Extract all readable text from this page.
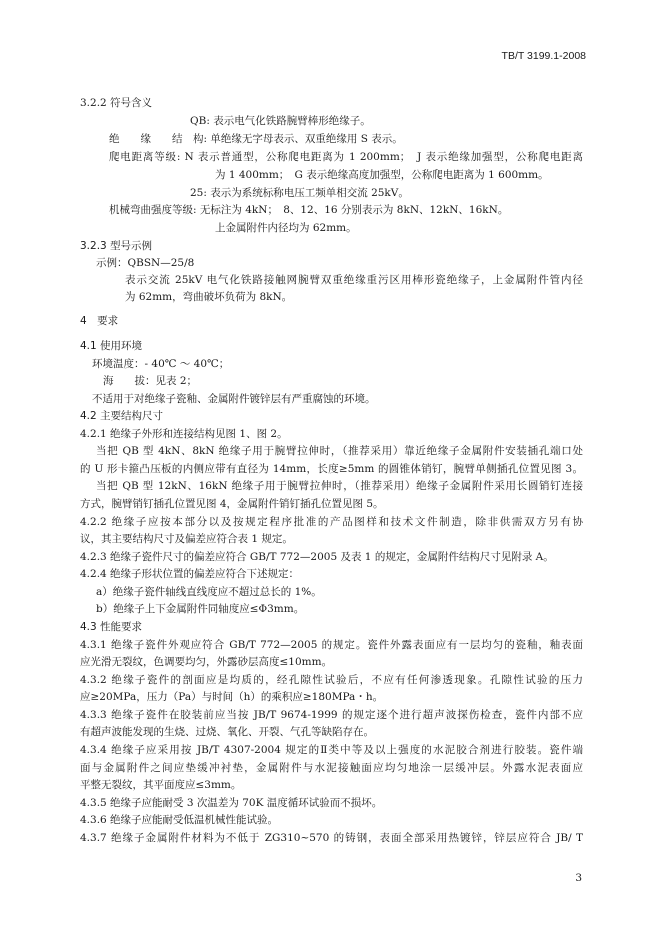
TB/T 3199.1-2008
3.2.2 符号含义
QB: 表示电气化铁路腕臂棒形绝缘子。
绝　　缘　　结　构: 单绝缘无字母表示、双重绝缘用 S 表示。
爬电距离等级: N 表示普通型，公称爬电距离为 1 200mm；　J 表示绝缘加强型，公称爬电距离
为 1 400mm；　G 表示绝缘高度加强型，公称爬电距离为 1 600mm。
25: 表示为系统标称电压工频单相交流 25kV。
机械弯曲强度等级: 无标注为 4kN；　8、12、16 分别表示为 8kN、12kN、16kN。
上金属附件内径均为 62mm。
3.2.3 型号示例
示例：QBSN—25/8
表示交流 25kV 电气化铁路接触网腕臂双重绝缘重污区用棒形瓷绝缘子，上金属附件管内径
为 62mm，弯曲破坏负荷为 8kN。
4　要求
4.1 使用环境
环境温度：- 40℃ ～ 40℃；
海　　拔：见表 2；
不适用于对绝缘子瓷釉、金属附件镀锌层有严重腐蚀的环境。
4.2 主要结构尺寸
4.2.1 绝缘子外形和连接结构见图 1、图 2。
当把 QB 型 4kN、8kN 绝缘子用于腕臂拉伸时，（推荐采用）靠近绝缘子金属附件安装插孔端口处
的 U 形卡箍凸压板的内侧应带有直径为 14mm，长度≥5mm 的圆锥体销钉，腕臂单侧插孔位置见图 3。
当把 QB 型 12kN、16kN 绝缘子用于腕臂拉伸时，（推荐采用）绝缘子金属附件采用长圆销钉连接
方式，腕臂销钉插孔位置见图 4，金属附件销钉插孔位置见图 5。
4.2.2 绝缘子应按本部分以及按规定程序批准的产品图样和技术文件制造，除非供需双方另有协
议，其主要结构尺寸及偏差应符合表 1 规定。
4.2.3 绝缘子瓷件尺寸的偏差应符合 GB/T 772—2005 及表 1 的规定，金属附件结构尺寸见附录 A。
4.2.4 绝缘子形状位置的偏差应符合下述规定：
a）绝缘子瓷件轴线直线度应不超过总长的 1%。
b）绝缘子上下金属附件同轴度应≤Φ3mm。
4.3 性能要求
4.3.1 绝缘子瓷件外观应符合 GB/T 772—2005 的规定。瓷件外露表面应有一层均匀的瓷釉，釉表面
应光滑无裂纹，色调要均匀，外露砂层高度≤10mm。
4.3.2 绝缘子瓷件的剖面应是均质的，经孔隙性试验后，不应有任何渗透现象。孔隙性试验的压力
应≥20MPa，压力（Pa）与时间（h）的乘积应≥180MPa・h。
4.3.3 绝缘子瓷件在胶装前应当按 JB/T 9674-1999 的规定逐个进行超声波探伤检查，瓷件内部不应
有超声波能发现的生烧、过烧、氧化、开裂、气孔等缺陷存在。
4.3.4 绝缘子应采用按 JB/T 4307-2004 规定的Ⅱ类中等及以上强度的水泥胶合剂进行胶装。瓷件端
面与金属附件之间应垫缓冲衬垫，金属附件与水泥接触面应均匀地涂一层缓冲层。外露水泥表面应
平整无裂纹，其平面度应≤3mm。
4.3.5 绝缘子应能耐受 3 次温差为 70K 温度循环试验而不损坏。
4.3.6 绝缘子应能耐受低温机械性能试验。
4.3.7 绝缘子金属附件材料为不低于 ZG310~570 的铸钢，表面全部采用热镀锌，锌层应符合 JB/ T
3
